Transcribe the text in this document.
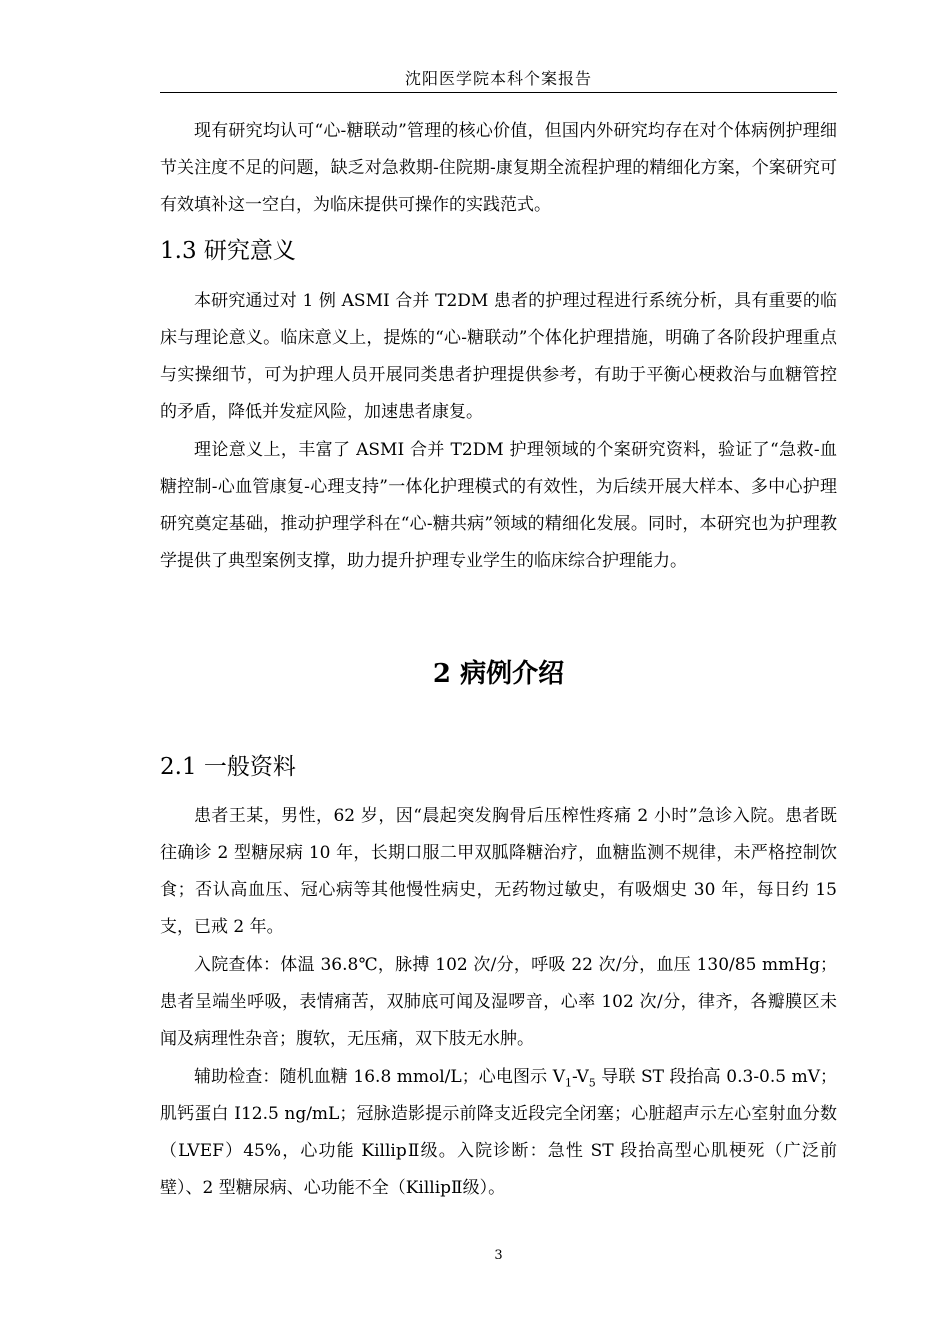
沈阳医学院本科个案报告

现有研究均认可“心-糖联动”管理的核心价值，但国内外研究均存在对个体病例护理细节关注度不足的问题，缺乏对急救期-住院期-康复期全流程护理的精细化方案，个案研究可有效填补这一空白，为临床提供可操作的实践范式。

1.3 研究意义

本研究通过对 1 例 ASMI 合并 T2DM 患者的护理过程进行系统分析，具有重要的临床与理论意义。临床意义上，提炼的“心-糖联动”个体化护理措施，明确了各阶段护理重点与实操细节，可为护理人员开展同类患者护理提供参考，有助于平衡心梗救治与血糖管控的矛盾，降低并发症风险，加速患者康复。

理论意义上，丰富了 ASMI 合并 T2DM 护理领域的个案研究资料，验证了“急救-血糖控制-心血管康复-心理支持”一体化护理模式的有效性，为后续开展大样本、多中心护理研究奠定基础，推动护理学科在“心-糖共病”领域的精细化发展。同时，本研究也为护理教学提供了典型案例支撑，助力提升护理专业学生的临床综合护理能力。

2 病例介绍
2.1 一般资料

患者王某，男性，62 岁，因“晨起突发胸骨后压榨性疼痛 2 小时”急诊入院。患者既往确诊 2 型糖尿病 10 年，长期口服二甲双胍降糖治疗，血糖监测不规律，未严格控制饮食；否认高血压、冠心病等其他慢性病史，无药物过敏史，有吸烟史 30 年，每日约 15 支，已戒 2 年。

入院查体：体温 36.8℃，脉搏 102 次/分，呼吸 22 次/分，血压 130/85 mmHg；患者呈端坐呼吸，表情痛苦，双肺底可闻及湿啰音，心率 102 次/分，律齐，各瓣膜区未闻及病理性杂音；腹软，无压痛，双下肢无水肿。

辅助检查：随机血糖 16.8 mmol/L；心电图示 $V_1-V_5$ 导联 ST 段抬高 0.3-0.5 mV；肌钙蛋白 I12.5 ng/mL；冠脉造影提示前降支近段完全闭塞；心脏超声示左心室射血分数（LVEF）45%，心功能 KillipⅡ级。入院诊断：急性 ST 段抬高型心肌梗死（广泛前壁）、2 型糖尿病、心功能不全（KillipⅡ级）。

3
